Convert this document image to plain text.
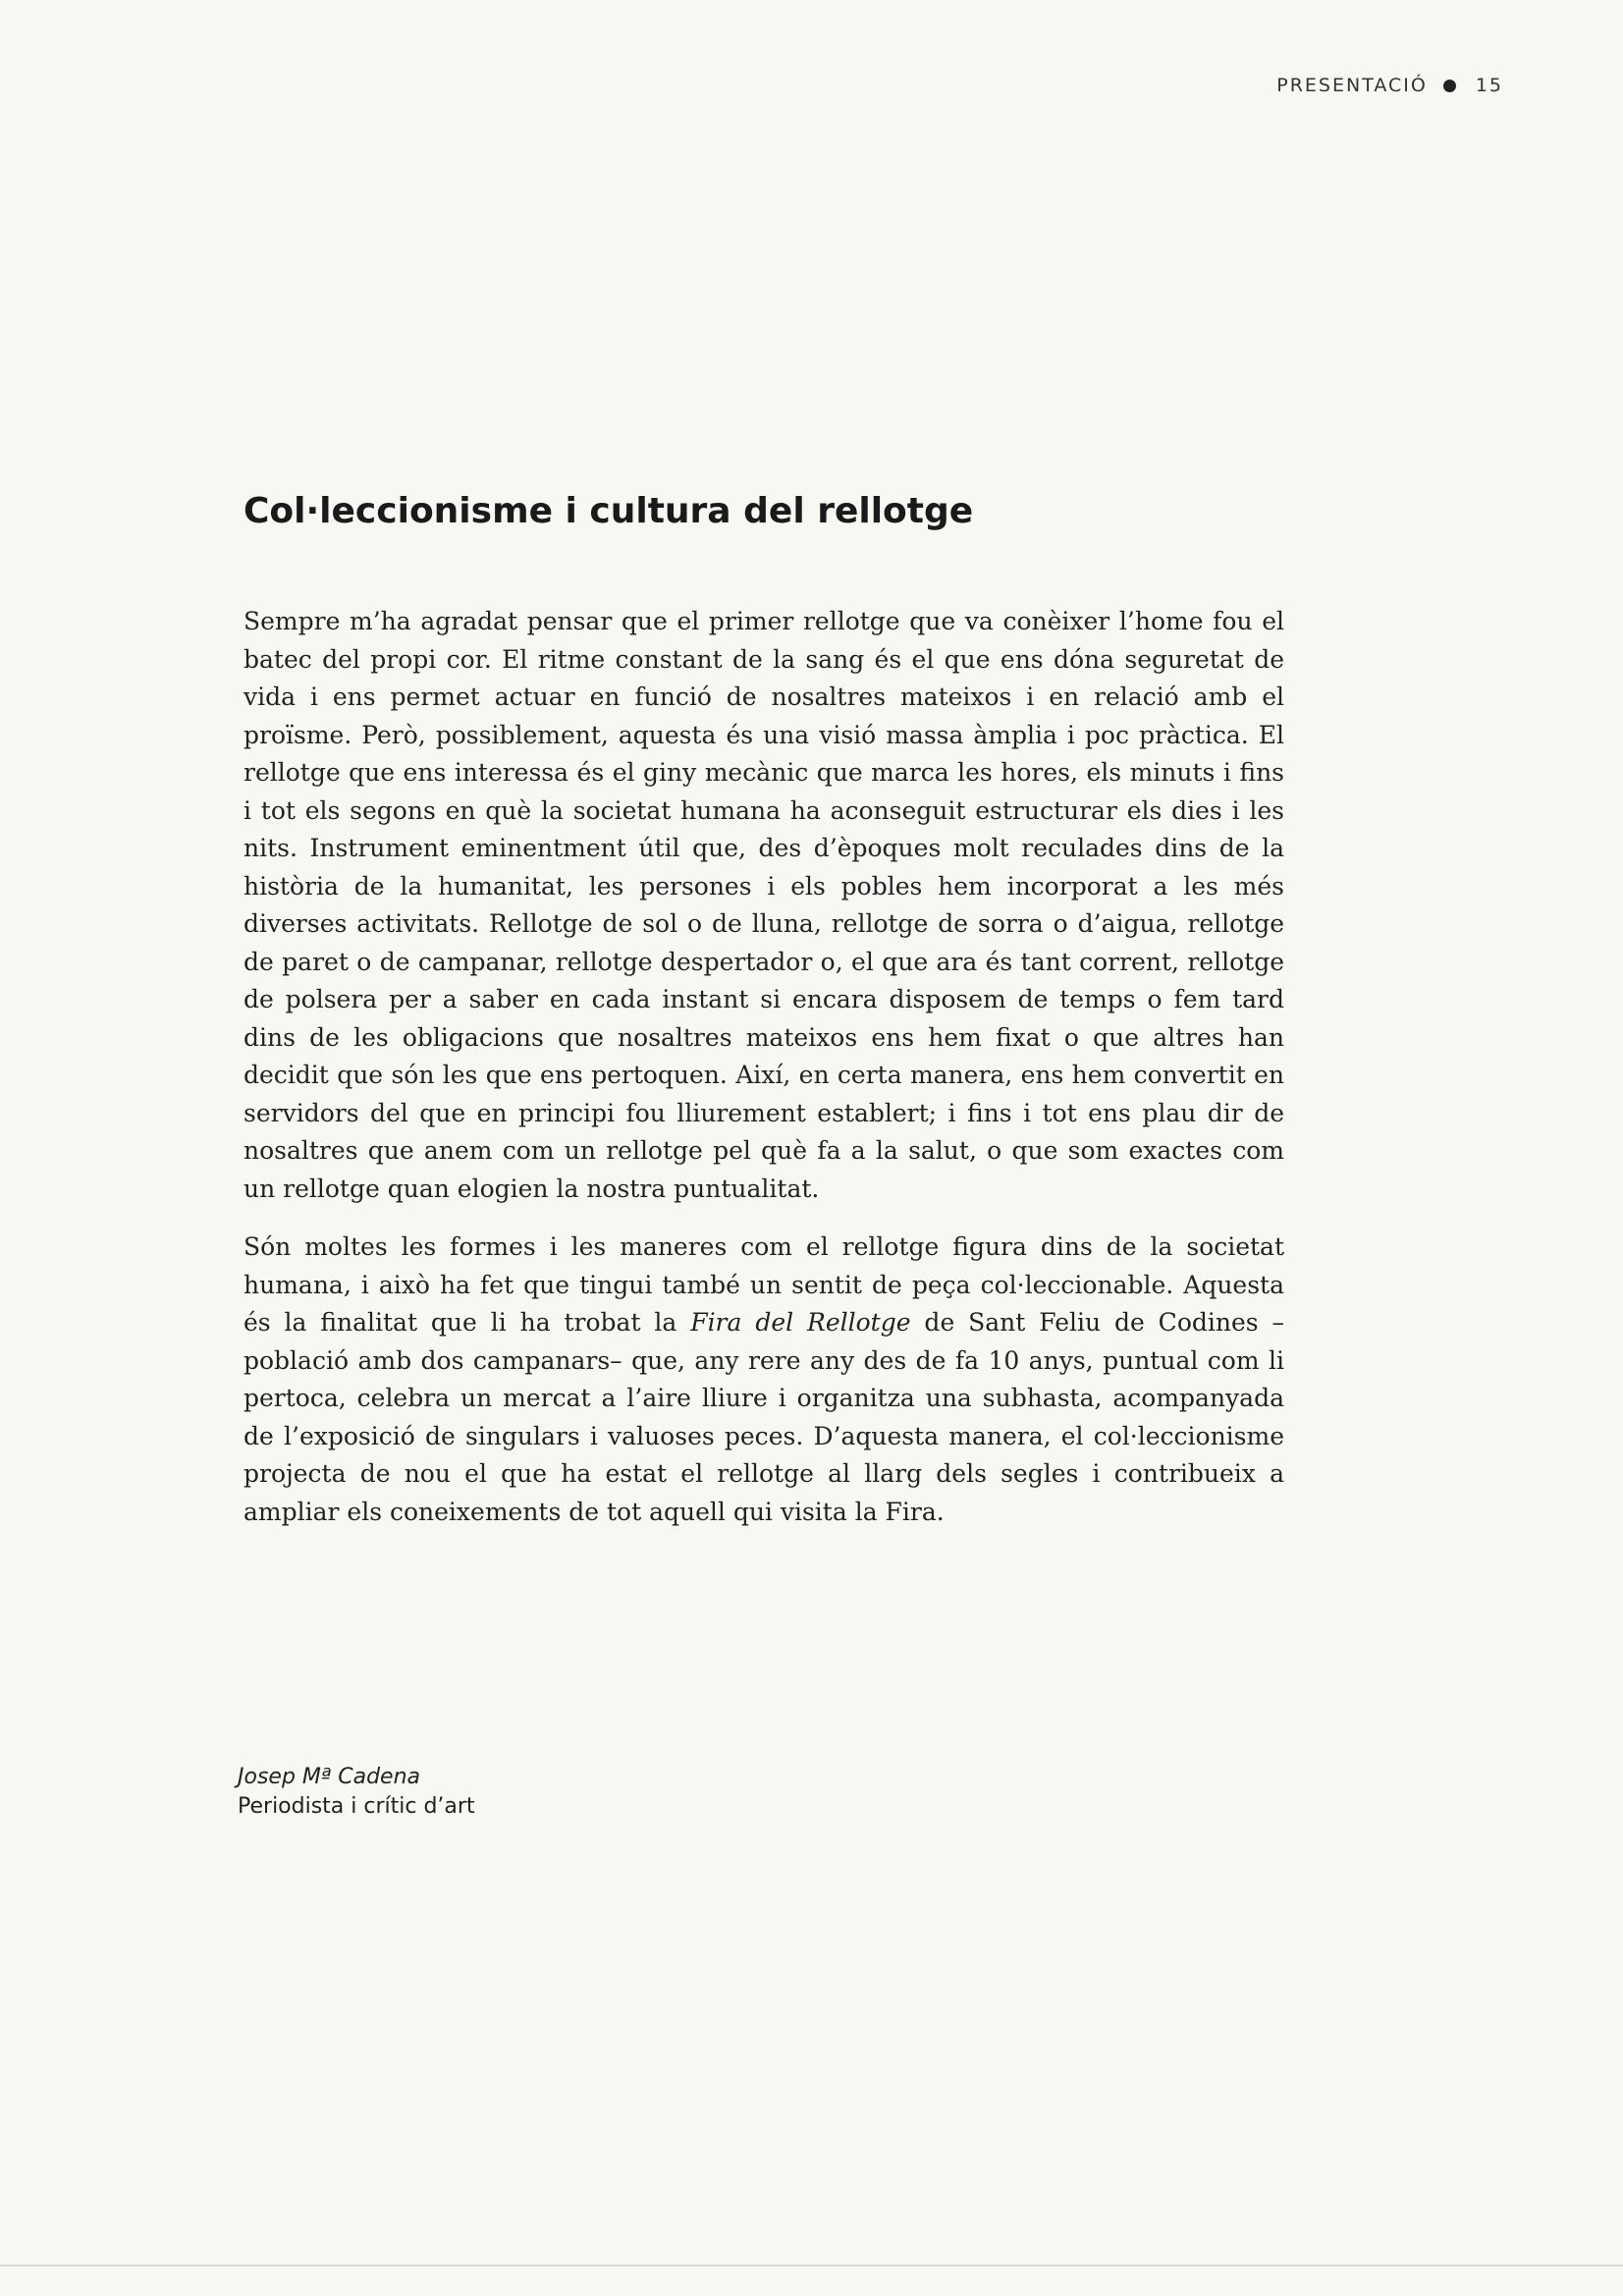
PRESENTACIÓ	15
Col·leccionisme i cultura del rellotge

Sempre m’ha agradat pensar que el primer rellotge que va conèixer l’home fou el batec del propi cor. El ritme constant de la sang és el que ens dóna seguretat de vida i ens permet actuar en funció de nosaltres mateixos i en relació amb el proïsme. Però, possiblement, aquesta és una visió massa àmplia i poc pràctica. El rellotge que ens interessa és el giny mecànic que marca les hores, els minuts i fins i tot els segons en què la societat humana ha aconseguit estructurar els dies i les nits. Instrument eminentment útil que, des d’èpoques molt reculades dins de la història de la humanitat, les persones i els pobles hem incorporat a les més diverses activitats. Rellotge de sol o de lluna, rellotge de sorra o d’aigua, rellotge de paret o de campanar, rellotge despertador o, el que ara és tant corrent, rellotge de polsera per a saber en cada instant si encara disposem de temps o fem tard dins de les obligacions que nosaltres mateixos ens hem fixat o que altres han decidit que són les que ens pertoquen. Així, en certa manera, ens hem convertit en servidors del que en principi fou lliurement establert; i fins i tot ens plau dir de nosaltres que anem com un rellotge pel què fa a la salut, o que som exactes com un rellotge quan elogien la nostra puntualitat.

Són moltes les formes i les maneres com el rellotge figura dins de la societat humana, i això ha fet que tingui també un sentit de peça col·leccionable. Aquesta és la finalitat que li ha trobat la Fira del Rellotge de Sant Feliu de Codines –població amb dos campanars– que, any rere any des de fa 10 anys, puntual com li pertoca, celebra un mercat a l’aire lliure i organitza una subhasta, acompanyada de l’exposició de singulars i valuoses peces. D’aquesta manera, el col·leccionisme projecta de nou el que ha estat el rellotge al llarg dels segles i contribueix a ampliar els coneixements de tot aquell qui visita la Fira.

Josep Mª Cadena
Periodista i crític d’art
